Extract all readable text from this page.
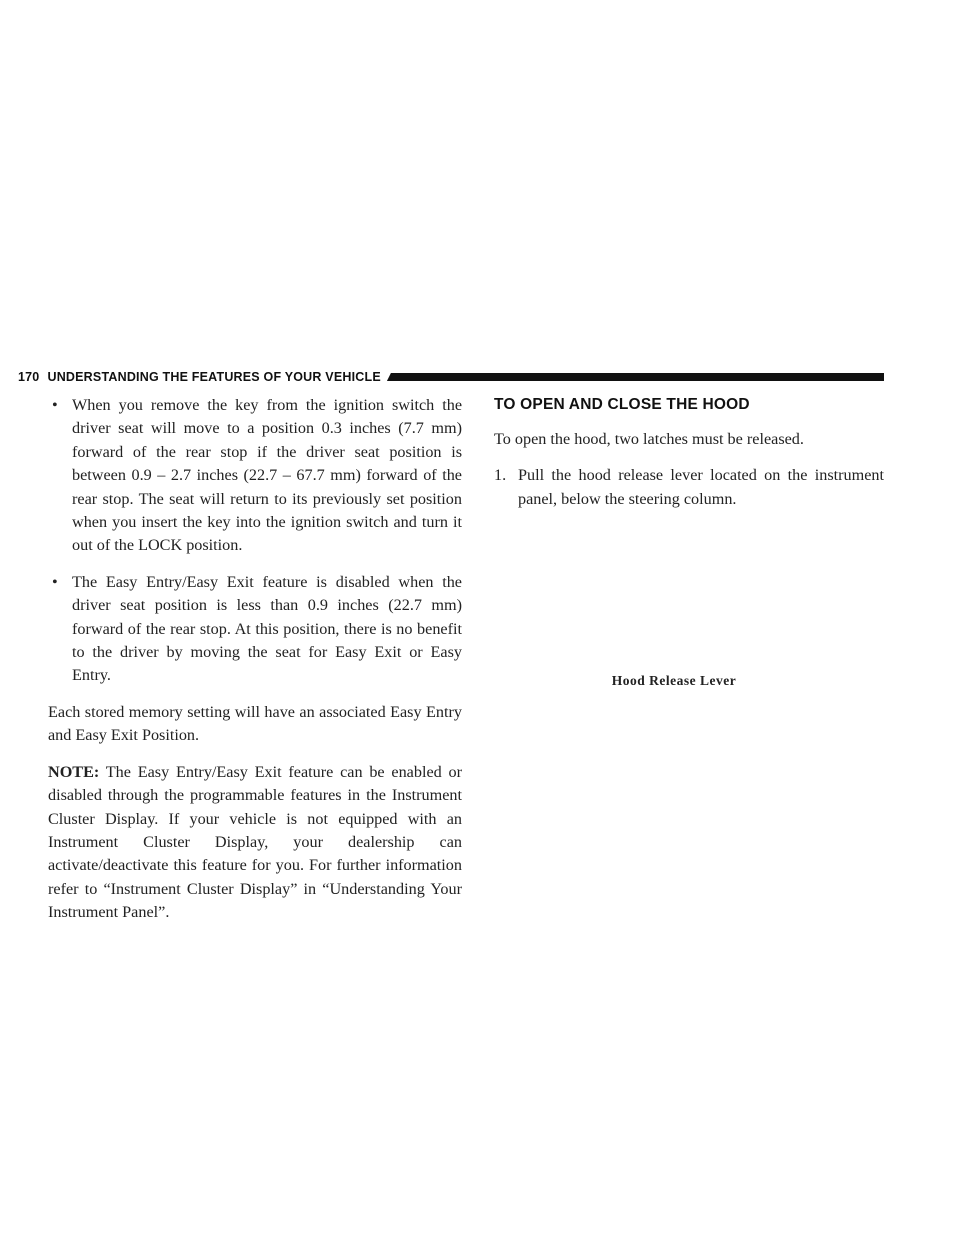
170 UNDERSTANDING THE FEATURES OF YOUR VEHICLE
• When you remove the key from the ignition switch the driver seat will move to a position 0.3 inches (7.7 mm) forward of the rear stop if the driver seat position is between 0.9 – 2.7 inches (22.7 – 67.7 mm) forward of the rear stop. The seat will return to its previously set position when you insert the key into the ignition switch and turn it out of the LOCK position.
• The Easy Entry/Easy Exit feature is disabled when the driver seat position is less than 0.9 inches (22.7 mm) forward of the rear stop. At this position, there is no benefit to the driver by moving the seat for Easy Exit or Easy Entry.

Each stored memory setting will have an associated Easy Entry and Easy Exit Position.

NOTE: The Easy Entry/Easy Exit feature can be enabled or disabled through the programmable features in the Instrument Cluster Display. If your vehicle is not equipped with an Instrument Cluster Display, your dealership can activate/deactivate this feature for you. For further information refer to “Instrument Cluster Display” in “Understanding Your Instrument Panel”.

TO OPEN AND CLOSE THE HOOD

To open the hood, two latches must be released.

1. Pull the hood release lever located on the instrument panel, below the steering column.
Hood Release Lever
